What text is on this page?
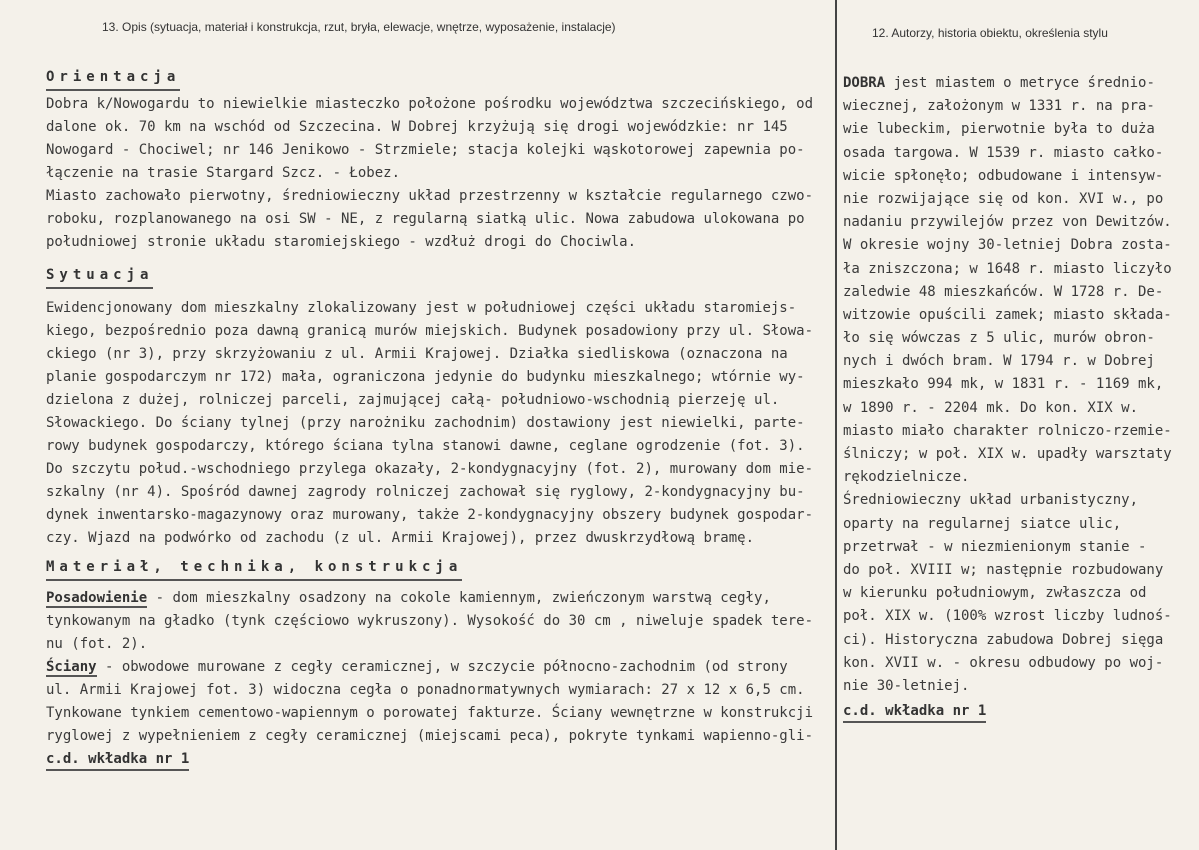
13. Opis (sytuacja, materiał i konstrukcja, rzut, bryła, elewacje, wnętrze, wyposażenie, instalacje)	12. Autorzy, historia obiektu, określenia stylu
Orientacja
Dobra k/Nowogardu to niewielkie miasteczko położone pośrodku województwa szczecińskiego, od
dalone ok. 70 km na wschód od Szczecina. W Dobrej krzyżują się drogi wojewódzkie: nr 145
Nowogard - Chociwel; nr 146 Jenikowo - Strzmiele; stacja kolejki wąskotorowej zapewnia po-
łączenie na trasie Stargard Szcz. - Łobez.
Miasto zachowało pierwotny, średniowieczny układ przestrzenny w kształcie regularnego czwo-
roboku, rozplanowanego na osi SW - NE, z regularną siatką ulic. Nowa zabudowa ulokowana po
południowej stronie układu staromiejskiego - wzdłuż drogi do Chociwla.
Sytuacja
Ewidencjonowany dom mieszkalny zlokalizowany jest w południowej części układu staromiejs-
kiego, bezpośrednio poza dawną granicą murów miejskich. Budynek posadowiony przy ul. Słowa-
ckiego (nr 3), przy skrzyżowaniu z ul. Armii Krajowej. Działka siedliskowa (oznaczona na
planie gospodarczym nr 172) mała, ograniczona jedynie do budynku mieszkalnego; wtórnie wy-
dzielona z dużej, rolniczej parceli, zajmującej całą- południowo-wschodnią pierzeję ul.
Słowackiego. Do ściany tylnej (przy narożniku zachodnim) dostawiony jest niewielki, parte-
rowy budynek gospodarczy, którego ściana tylna stanowi dawne, ceglane ogrodzenie (fot. 3).
Do szczytu połud.-wschodniego przylega okazały, 2-kondygnacyjny (fot. 2), murowany dom mie-
szkalny (nr 4). Spośród dawnej zagrody rolniczej zachował się ryglowy, 2-kondygnacyjny bu-
dynek inwentarsko-magazynowy oraz murowany, także 2-kondygnacyjny obszery budynek gospodar-
czy. Wjazd na podwórko od zachodu (z ul. Armii Krajowej), przez dwuskrzydłową bramę.
Materiał, technika, konstrukcja
Posadowienie - dom mieszkalny osadzony na cokole kamiennym, zwieńczonym warstwą cegły,
tynkowanym na gładko (tynk częściowo wykruszony). Wysokość do 30 cm , niweluje spadek tere-
nu (fot. 2).
Ściany - obwodowe murowane z cegły ceramicznej, w szczycie północno-zachodnim (od strony
ul. Armii Krajowej fot. 3) widoczna cegła o ponadnormatywnych wymiarach: 27 x 12 x 6,5 cm.
Tynkowane tynkiem cementowo-wapiennym o porowatej fakturze. Ściany wewnętrzne w konstrukcji
ryglowej z wypełnieniem z cegły ceramicznej (miejscami peca), pokryte tynkami wapienno-gli-
c.d. wkładka nr 1
DOBRA jest miastem o metryce średnio-
wiecznej, założonym w 1331 r. na pra-
wie lubeckim, pierwotnie była to duża
osada targowa. W 1539 r. miasto całko-
wicie spłonęło; odbudowane i intensyw-
nie rozwijające się od kon. XVI w., po
nadaniu przywilejów przez von Dewitzów.
W okresie wojny 30-letniej Dobra zosta-
ła zniszczona; w 1648 r. miasto liczyło
zaledwie 48 mieszkańców. W 1728 r. De-
witzowie opuścili zamek; miasto składa-
ło się wówczas z 5 ulic, murów obron-
nych i dwóch bram. W 1794 r. w Dobrej
mieszkało 994 mk, w 1831 r. - 1169 mk,
w 1890 r. - 2204 mk. Do kon. XIX w.
miasto miało charakter rolniczo-rzemie-
ślniczy; w poł. XIX w. upadły warsztaty
rękodzielnicze.
Średniowieczny układ urbanistyczny,
oparty na regularnej siatce ulic,
przetrwał - w niezmienionym stanie -
do poł. XVIII w; następnie rozbudowany
w kierunku południowym, zwłaszcza od
poł. XIX w. (100% wzrost liczby ludnoś-
ci). Historyczna zabudowa Dobrej sięga
kon. XVII w. - okresu odbudowy po woj-
nie 30-letniej.
c.d. wkładka nr 1
